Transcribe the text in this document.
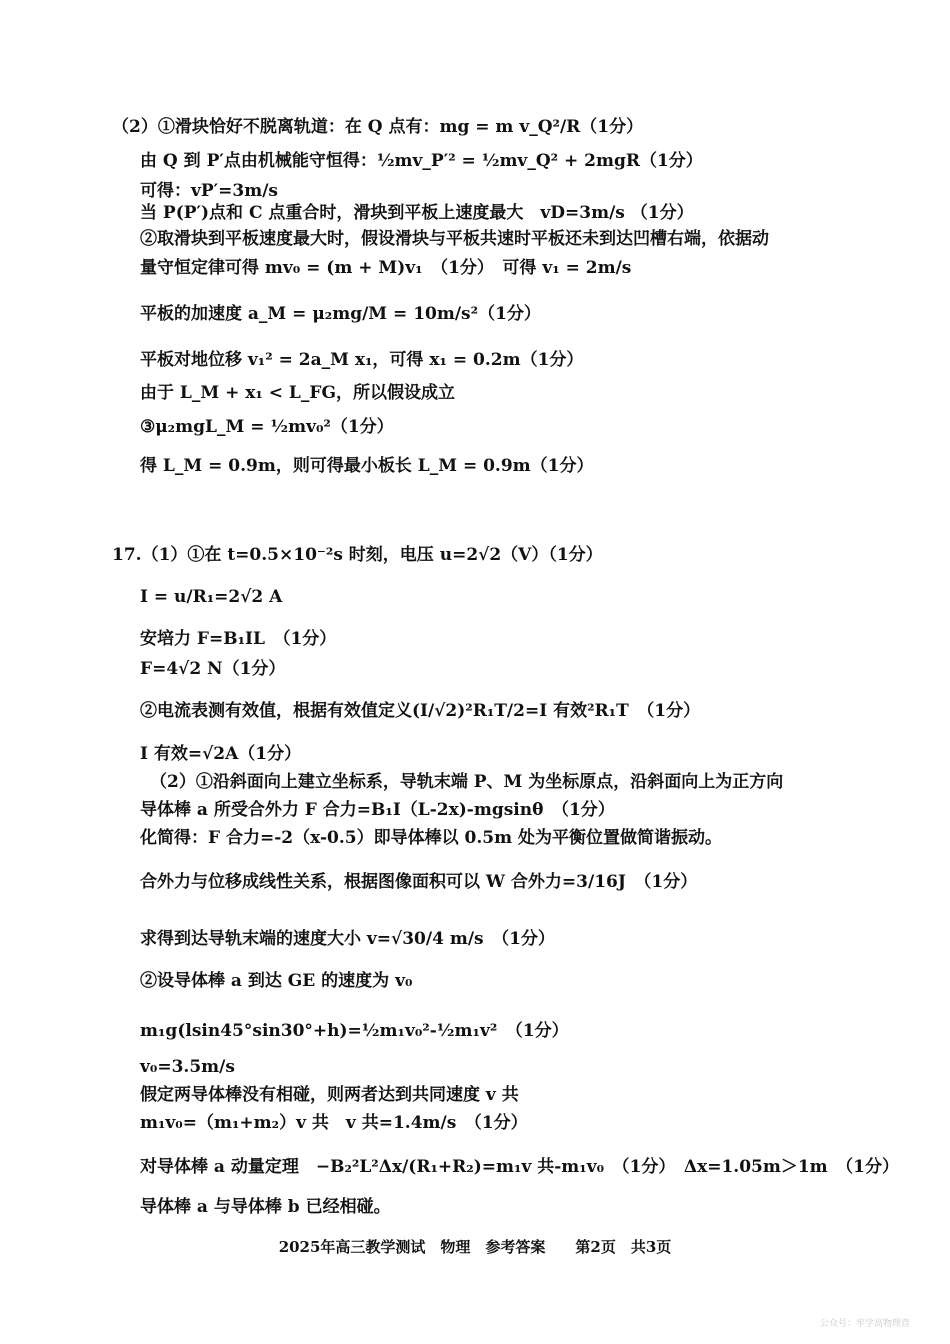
（2）①滑块恰好不脱离轨道：在 Q 点有：mg = m v_Q²/R（1分）
由 Q 到 P′点由机械能守恒得：½mv_P′² = ½mv_Q² + 2mgR（1分）
可得：vP′=3m/s
当 P(P′)点和 C 点重合时，滑块到平板上速度最大　vD=3m/s （1分）
②取滑块到平板速度最大时，假设滑块与平板共速时平板还未到达凹槽右端，依据动
量守恒定律可得 mv₀ = (m + M)v₁　（1分）　可得 v₁ = 2m/s
平板的加速度 a_M = μ₂mg/M = 10m/s²（1分）
平板对地位移 v₁² = 2a_M x₁，可得 x₁ = 0.2m（1分）
由于 L_M + x₁ < L_FG，所以假设成立
③μ₂mgL_M = ½mv₀²（1分）
得 L_M = 0.9m，则可得最小板长 L_M = 0.9m（1分）
17.（1）①在 t=0.5×10⁻²s 时刻，电压 u=2√2（V）（1分）
I = u/R₁=2√2 A
安培力 F=B₁IL　（1分）
F=4√2 N（1分）
②电流表测有效值，根据有效值定义(I/√2)²R₁T/2=I 有效²R₁T　（1分）
I 有效=√2A（1分）
（2）①沿斜面向上建立坐标系，导轨末端 P、M 为坐标原点，沿斜面向上为正方向
导体棒 a 所受合外力 F 合力=B₁I（L-2x)-mgsinθ　（1分）
化简得：F 合力=-2（x-0.5）即导体棒以 0.5m 处为平衡位置做简谐振动。
合外力与位移成线性关系，根据图像面积可以 W 合外力=3/16J　（1分）
求得到达导轨末端的速度大小 v=√30/4 m/s　（1分）
②设导体棒 a 到达 GE 的速度为 v₀
m₁g(lsin45°sin30°+h)=½m₁v₀²-½m₁v²　（1分）
v₀=3.5m/s
假定两导体棒没有相碰，则两者达到共同速度 v 共
m₁v₀=（m₁+m₂）v 共　v 共=1.4m/s　（1分）
对导体棒 a 动量定理　−B₂²L²Δx/(R₁+R₂)=m₁v 共-m₁v₀　（1分）　Δx=1.05m＞1m　（1分）
导体棒 a 与导体棒 b 已经相碰。
2025年高三教学测试　物理　参考答案　　第2页　共3页
公众号：牢学高物理营
